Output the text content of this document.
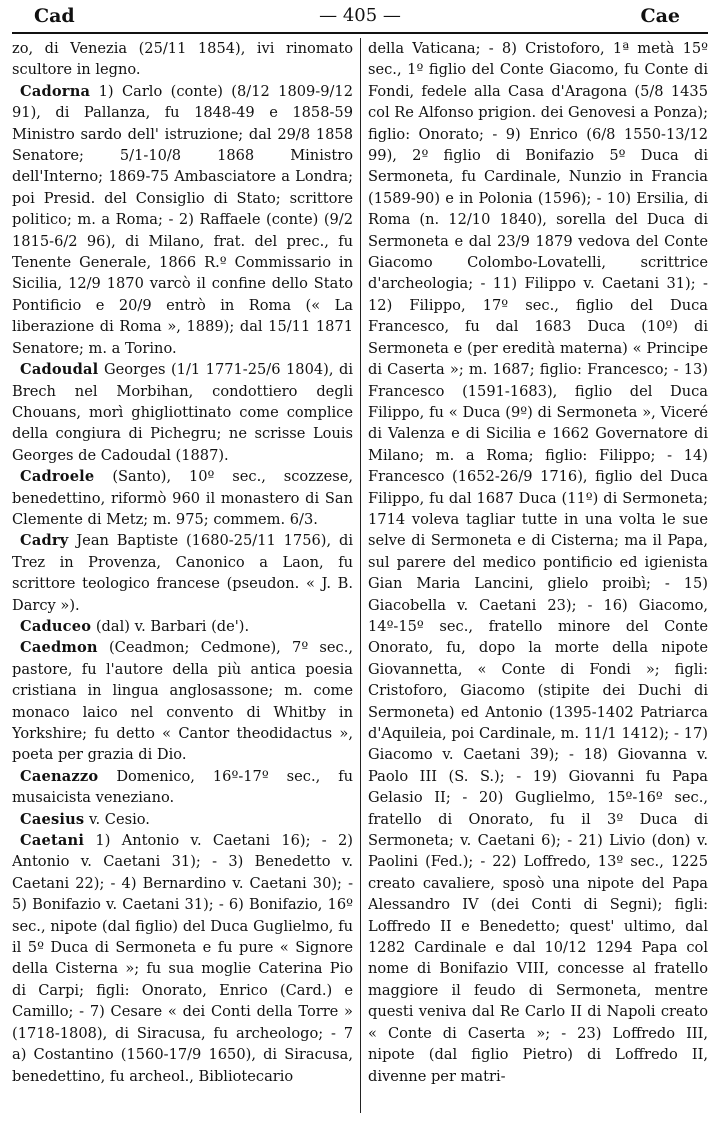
Cad	— 405 —	Cae

zo, di Venezia (25/11 1854), ivi rinomato scultore in legno.

Cadorna 1) Carlo (conte) (8/12 1809-9/12 91), di Pallanza, fu 1848-49 e 1858-59 Ministro sardo dell' istruzione; dal 29/8 1858 Senatore; 5/1-10/8 1868 Ministro dell'Interno; 1869-75 Ambasciatore a Londra; poi Presid. del Consiglio di Stato; scrittore politico; m. a Roma; - 2) Raffaele (conte) (9/2 1815-6/2 96), di Milano, frat. del prec., fu Tenente Generale, 1866 R.º Commissario in Sicilia, 12/9 1870 varcò il confine dello Stato Pontificio e 20/9 entrò in Roma (« La liberazione di Roma », 1889); dal 15/11 1871 Senatore; m. a Torino.

Cadoudal Georges (1/1 1771-25/6 1804), di Brech nel Morbihan, condottiero degli Chouans, morì ghigliottinato come complice della congiura di Pichegru; ne scrisse Louis Georges de Cadoudal (1887).

Cadroele (Santo), 10º sec., scozzese, benedettino, riformò 960 il monastero di San Clemente di Metz; m. 975; commem. 6/3.

Cadry Jean Baptiste (1680-25/11 1756), di Trez in Provenza, Canonico a Laon, fu scrittore teologico francese (pseudon. « J. B. Darcy »).

Caduceo (dal) v. Barbari (de').

Caedmon (Ceadmon; Cedmone), 7º sec., pastore, fu l'autore della più antica poesia cristiana in lingua anglosassone; m. come monaco laico nel convento di Whitby in Yorkshire; fu detto « Cantor theodidactus », poeta per grazia di Dio.

Caenazzo Domenico, 16º-17º sec., fu musaicista veneziano.

Caesius v. Cesio.

Caetani 1) Antonio v. Caetani 16); - 2) Antonio v. Caetani 31); - 3) Benedetto v. Caetani 22); - 4) Bernardino v. Caetani 30); - 5) Bonifazio v. Caetani 31); - 6) Bonifazio, 16º sec., nipote (dal figlio) del Duca Guglielmo, fu il 5º Duca di Sermoneta e fu pure « Signore della Cisterna »; fu sua moglie Caterina Pio di Carpi; figli: Onorato, Enrico (Card.) e Camillo; - 7) Cesare « dei Conti della Torre » (1718-1808), di Siracusa, fu archeologo; - 7 a) Costantino (1560-17/9 1650), di Siracusa, benedettino, fu archeol., Bibliotecario

della Vaticana; - 8) Cristoforo, 1ª metà 15º sec., 1º figlio del Conte Giacomo, fu Conte di Fondi, fedele alla Casa d'Aragona (5/8 1435 col Re Alfonso prigion. dei Genovesi a Ponza); figlio: Onorato; - 9) Enrico (6/8 1550-13/12 99), 2º figlio di Bonifazio 5º Duca di Sermoneta, fu Cardinale, Nunzio in Francia (1589-90) e in Polonia (1596); - 10) Ersilia, di Roma (n. 12/10 1840), sorella del Duca di Sermoneta e dal 23/9 1879 vedova del Conte Giacomo Colombo-Lovatelli, scrittrice d'archeologia; - 11) Filippo v. Caetani 31); - 12) Filippo, 17º sec., figlio del Duca Francesco, fu dal 1683 Duca (10º) di Sermoneta e (per eredità materna) « Principe di Caserta »; m. 1687; figlio: Francesco; - 13) Francesco (1591-1683), figlio del Duca Filippo, fu « Duca (9º) di Sermoneta », Viceré di Valenza e di Sicilia e 1662 Governatore di Milano; m. a Roma; figlio: Filippo; - 14) Francesco (1652-26/9 1716), figlio del Duca Filippo, fu dal 1687 Duca (11º) di Sermoneta; 1714 voleva tagliar tutte in una volta le sue selve di Sermoneta e di Cisterna; ma il Papa, sul parere del medico pontificio ed igienista Gian Maria Lancini, glielo proibì; - 15) Giacobella v. Caetani 23); - 16) Giacomo, 14º-15º sec., fratello minore del Conte Onorato, fu, dopo la morte della nipote Giovannetta, « Conte di Fondi »; figli: Cristoforo, Giacomo (stipite dei Duchi di Sermoneta) ed Antonio (1395-1402 Patriarca d'Aquileia, poi Cardinale, m. 11/1 1412); - 17) Giacomo v. Caetani 39); - 18) Giovanna v. Paolo III (S. S.); - 19) Giovanni fu Papa Gelasio II; - 20) Guglielmo, 15º-16º sec., fratello di Onorato, fu il 3º Duca di Sermoneta; v. Caetani 6); - 21) Livio (don) v. Paolini (Fed.); - 22) Loffredo, 13º sec., 1225 creato cavaliere, sposò una nipote del Papa Alessandro IV (dei Conti di Segni); figli: Loffredo II e Benedetto; quest' ultimo, dal 1282 Cardinale e dal 10/12 1294 Papa col nome di Bonifazio VIII, concesse al fratello maggiore il feudo di Sermoneta, mentre questi veniva dal Re Carlo II di Napoli creato « Conte di Caserta »; - 23) Loffredo III, nipote (dal figlio Pietro) di Loffredo II, divenne per matri-
